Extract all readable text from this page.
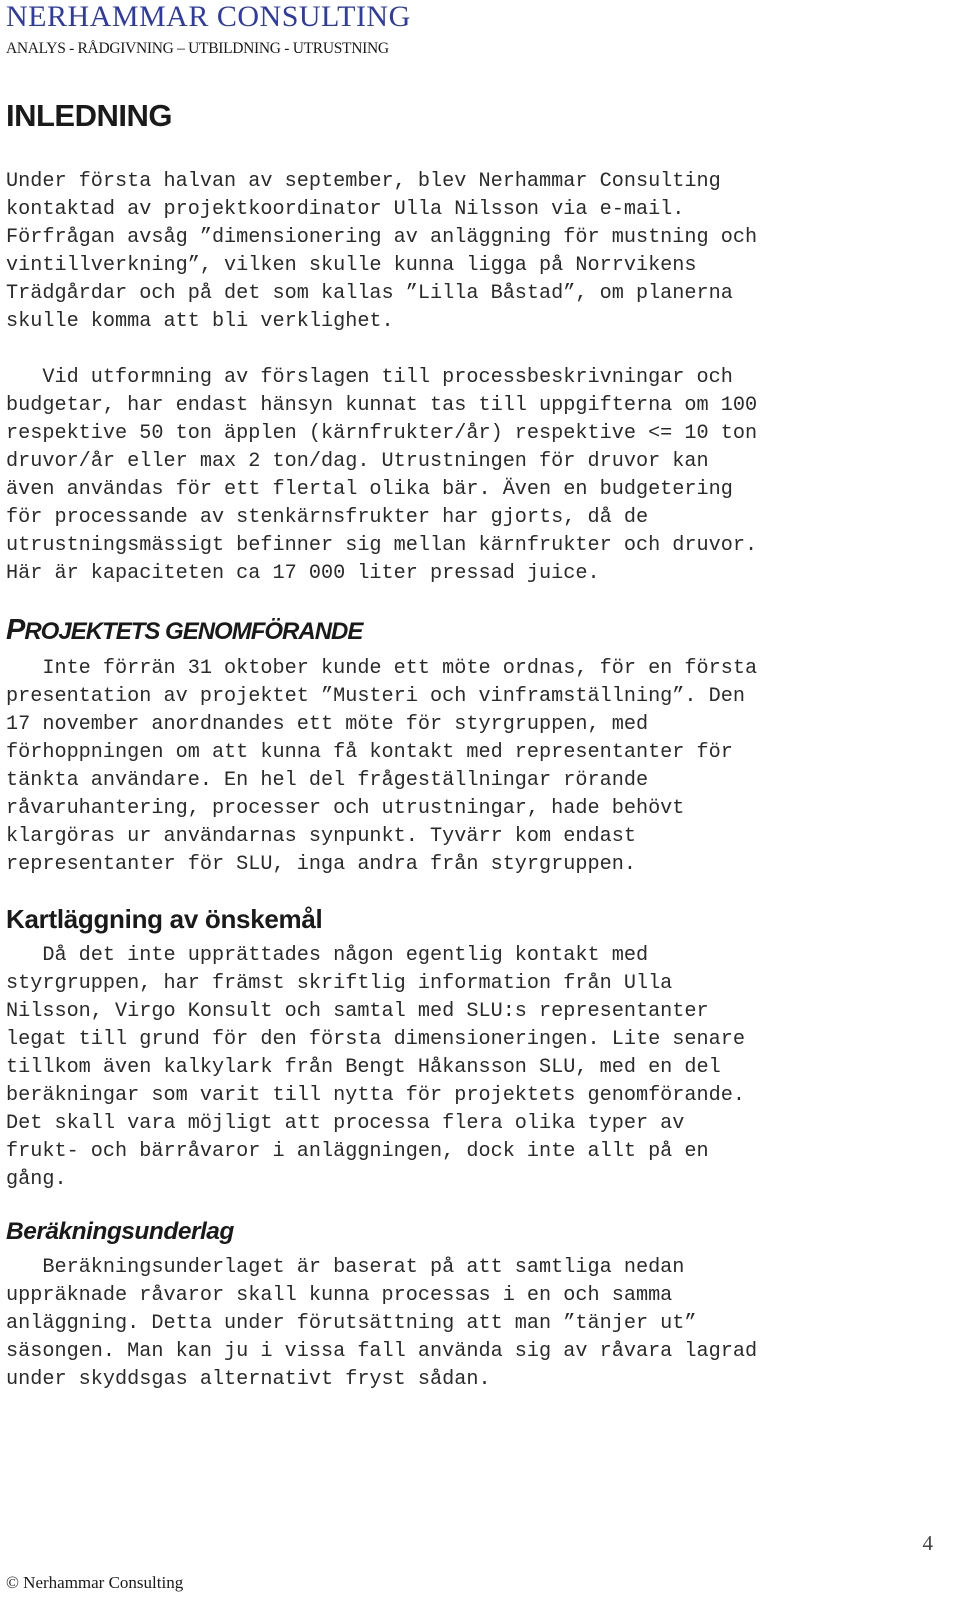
NERHAMMAR CONSULTING
ANALYS - RÅDGIVNING – UTBILDNING - UTRUSTNING
INLEDNING

Under första halvan av september, blev Nerhammar Consulting
kontaktad av projektkoordinator Ulla Nilsson via e-mail.
Förfrågan avsåg ”dimensionering av anläggning för mustning och
vintillverkning”, vilken skulle kunna ligga på Norrvikens
Trädgårdar och på det som kallas ”Lilla Båstad”, om planerna
skulle komma att bli verklighet.

Vid utformning av förslagen till processbeskrivningar och
budgetar, har endast hänsyn kunnat tas till uppgifterna om 100
respektive 50 ton äpplen (kärnfrukter/år) respektive <= 10 ton
druvor/år eller max 2 ton/dag. Utrustningen för druvor kan
även användas för ett flertal olika bär. Även en budgetering
för processande av stenkärnsfrukter har gjorts, då de
utrustningsmässigt befinner sig mellan kärnfrukter och druvor.
Här är kapaciteten ca 17 000 liter pressad juice.

PROJEKTETS GENOMFÖRANDE

Inte förrän 31 oktober kunde ett möte ordnas, för en första
presentation av projektet ”Musteri och vinframställning”. Den
17 november anordnandes ett möte för styrgruppen, med
förhoppningen om att kunna få kontakt med representanter för
tänkta användare. En hel del frågeställningar rörande
råvaruhantering, processer och utrustningar, hade behövt
klargöras ur användarnas synpunkt. Tyvärr kom endast
representanter för SLU, inga andra från styrgruppen.

Kartläggning av önskemål

Då det inte upprättades någon egentlig kontakt med
styrgruppen, har främst skriftlig information från Ulla
Nilsson, Virgo Konsult och samtal med SLU:s representanter
legat till grund för den första dimensioneringen. Lite senare
tillkom även kalkylark från Bengt Håkansson SLU, med en del
beräkningar som varit till nytta för projektets genomförande.
Det skall vara möjligt att processa flera olika typer av
frukt- och bärråvaror i anläggningen, dock inte allt på en
gång.

Beräkningsunderlag

Beräkningsunderlaget är baserat på att samtliga nedan
uppräknade råvaror skall kunna processas i en och samma
anläggning. Detta under förutsättning att man ”tänjer ut”
säsongen. Man kan ju i vissa fall använda sig av råvara lagrad
under skyddsgas alternativt fryst sådan.

4
© Nerhammar Consulting
